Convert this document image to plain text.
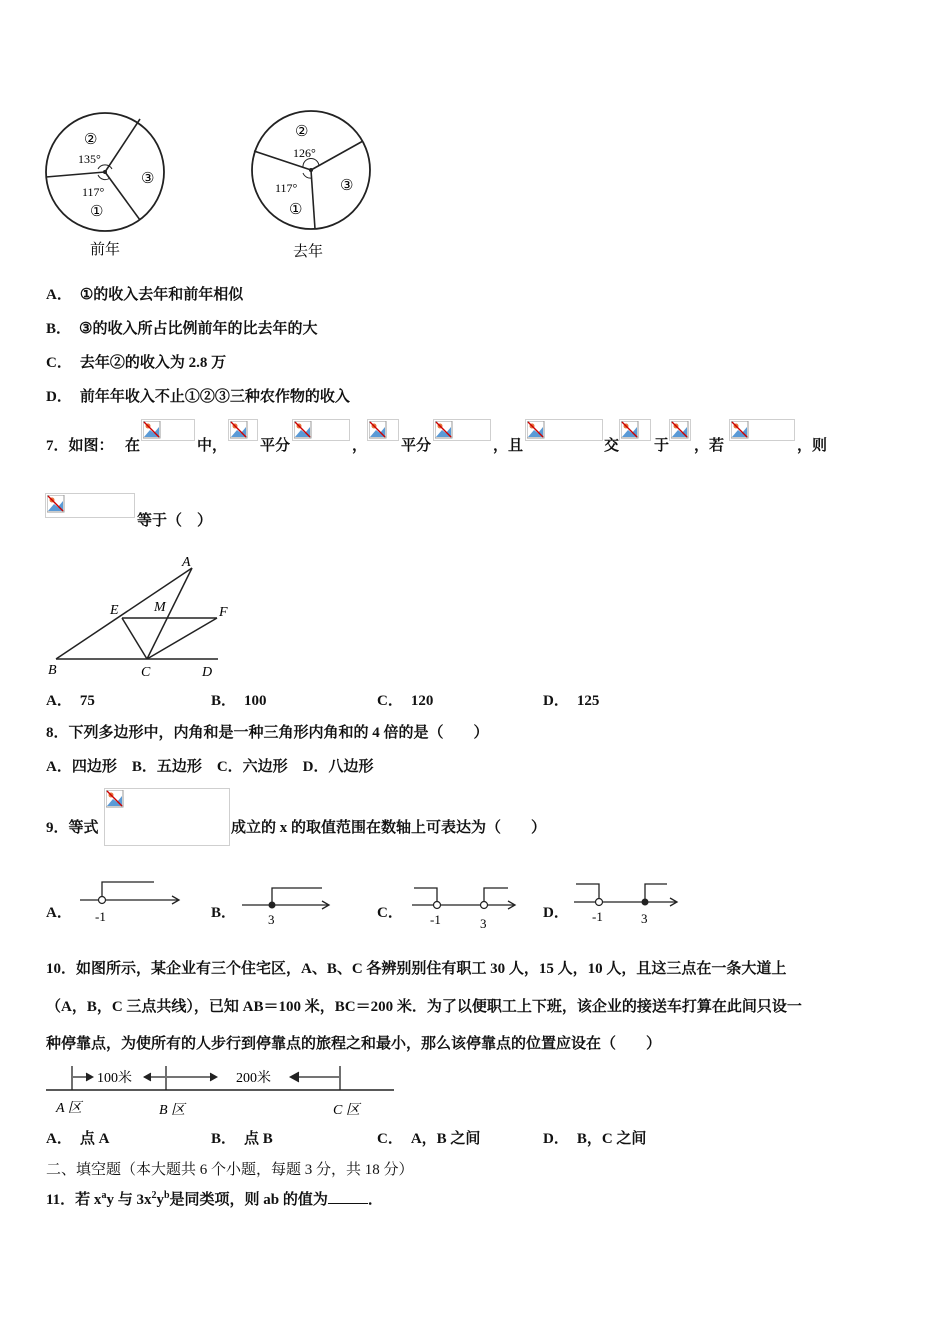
②
135°
117°
①
③
前年
②
126°
117°
①
③
去年
A． ①的收入去年和前年相似
B． ③的收入所占比例前年的比去年的大
C． 去年②的收入为 2.8 万
D． 前年年收入不止①②③三种农作物的收入
7．如图： 在	中， 平分	， 平分	，且	交 于 ，若	，则
等于（　）
A
E	M	F
B	C	D
A． 75	B． 100	C． 120	D． 125
8．下列多边形中，内角和是一种三角形内角和的 4 倍的是（　　）
A．四边形　B．五边形　C．六边形　D．八边形
9．等式	成立的 x 的取值范围在数轴上可表达为（　　）
A． -1	B． 3	C． -1	3
D． -1	3
10．如图所示，某企业有三个住宅区，A、B、C 各辨别别住有职工 30 人，15 人，10 人，且这三点在一条大道上
（A，B，C 三点共线），已知 AB＝100 米，BC＝200 米．为了以便职工上下班，该企业的接送车打算在此间只设一
种停靠点，为使所有的人步行到停靠点的旅程之和最小，那么该停靠点的位置应设在（　　）
100米	200米
A 区	B 区	C 区
A． 点 A	B． 点 B	C． A，B 之间	D． B，C 之间
二、填空题（本大题共 6 个小题，每题 3 分，共 18 分）
11．若 $x^ay$ 与 $3x^2y^b$是同类项，则 ab 的值为	．
